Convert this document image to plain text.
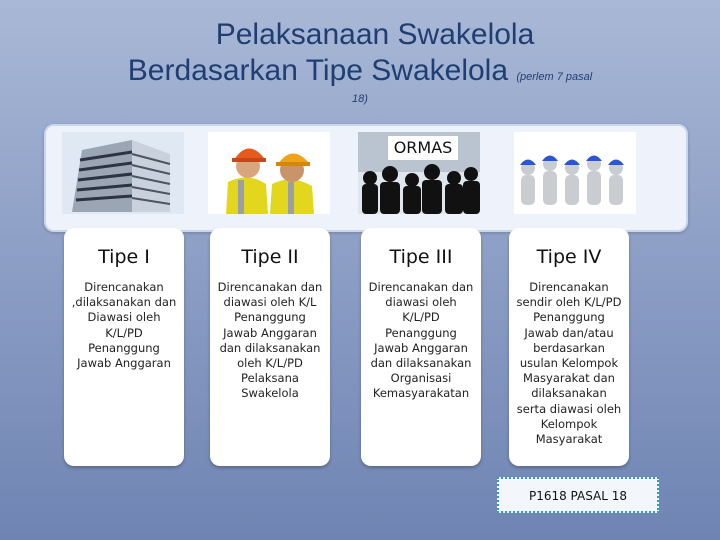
Pelaksanaan Swakelola
Berdasarkan Tipe Swakelola (perlem 7 pasal
18)
ORMAS
Tipe I
Direncanakan ,dilaksanakan dan Diawasi oleh K/L/PD Penanggung Jawab Anggaran
Tipe II
Direncanakan dan diawasi oleh K/L Penanggung Jawab Anggaran dan dilaksanakan oleh K/L/PD Pelaksana Swakelola
Tipe III
Direncanakan dan diawasi oleh K/L/PD Penanggung Jawab Anggaran dan dilaksanakan Organisasi Kemasyarakatan
Tipe IV
Direncanakan sendir oleh K/L/PD Penanggung Jawab dan/atau berdasarkan usulan Kelompok Masyarakat dan dilaksanakan serta diawasi oleh Kelompok Masyarakat
P1618 PASAL 18
